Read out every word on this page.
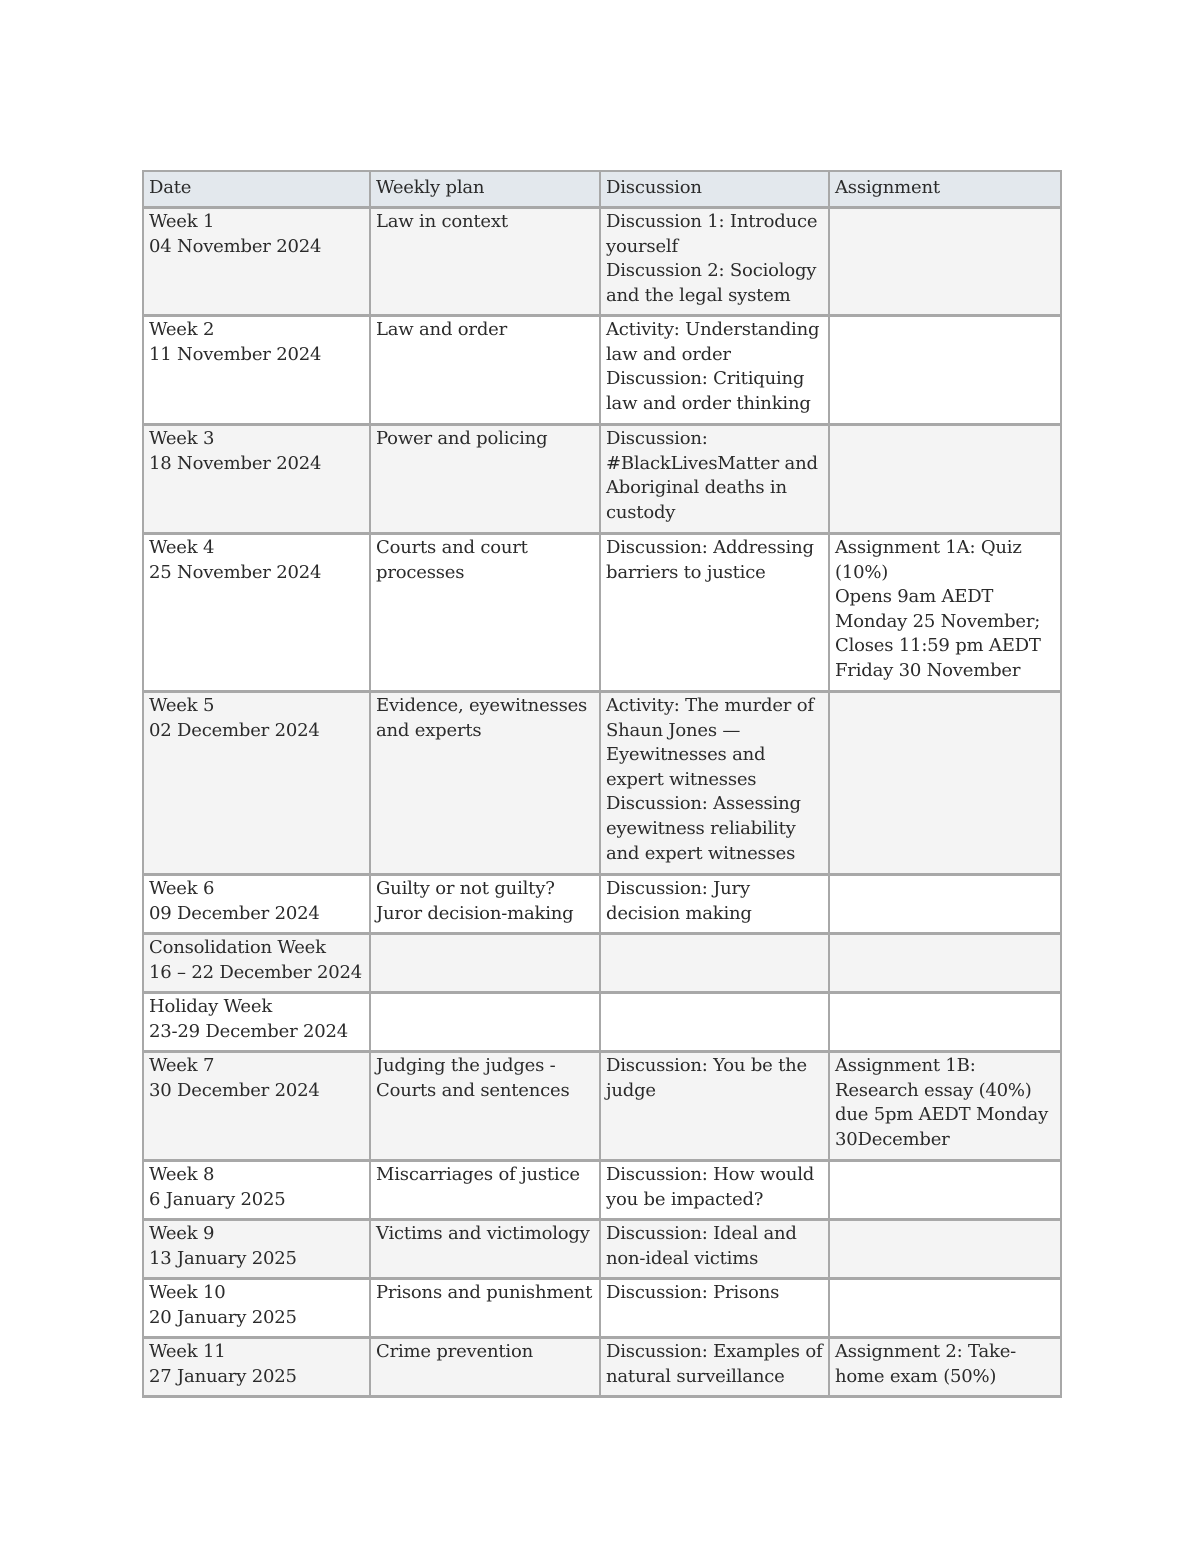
Date	Weekly plan	Discussion	Assignment

Week 1
04 November 2024	Law in context	Discussion 1: Introduce yourself
Discussion 2: Sociology and the legal system	

Week 2
11 November 2024	Law and order	Activity: Understanding law and order
Discussion: Critiquing law and order thinking	

Week 3
18 November 2024	Power and policing	Discussion: #BlackLivesMatter and Aboriginal deaths in custody	

Week 4
25 November 2024	Courts and court processes	Discussion: Addressing barriers to justice	Assignment 1A: Quiz (10%)
Opens 9am AEDT Monday 25 November;
Closes 11:59 pm AEDT Friday 30 November

Week 5
02 December 2024	Evidence, eyewitnesses and experts	Activity: The murder of Shaun Jones — Eyewitnesses and expert witnesses
Discussion: Assessing eyewitness reliability and expert witnesses	

Week 6
09 December 2024	Guilty or not guilty?
Juror decision-making	Discussion: Jury decision making	

Consolidation Week
16 – 22 December 2024			

Holiday Week
23-29 December 2024			

Week 7
30 December 2024	Judging the judges - Courts and sentences	Discussion: You be the judge	Assignment 1B: Research essay (40%) due 5pm AEDT Monday 30December

Week 8
6 January 2025	Miscarriages of justice	Discussion: How would you be impacted?	

Week 9
13 January 2025	Victims and victimology	Discussion: Ideal and non-ideal victims	

Week 10
20 January 2025	Prisons and punishment	Discussion: Prisons	

Week 11
27 January 2025	Crime prevention	Discussion: Examples of natural surveillance	Assignment 2: Take-home exam (50%)
